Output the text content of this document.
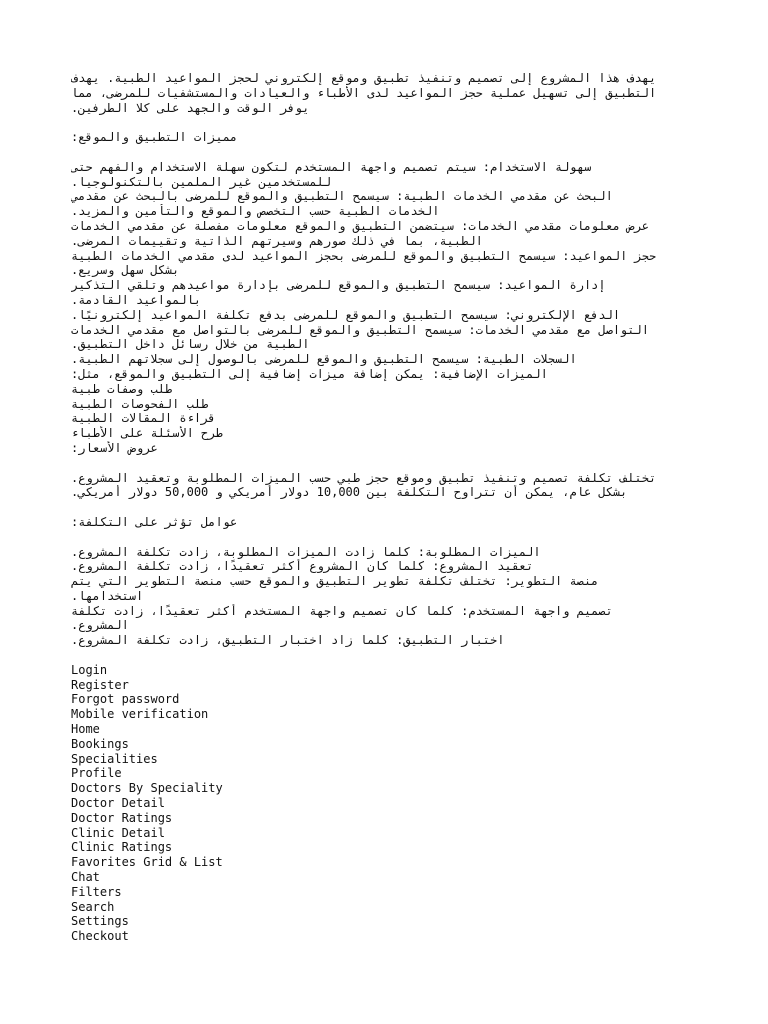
يهدف هذا المشروع إلى تصميم وتنفيذ تطبيق وموقع إلكتروني لحجز المواعيد الطبية. يهدف
التطبيق إلى تسهيل عملية حجز المواعيد لدى الأطباء والعيادات والمستشفيات للمرضى، مما
يوفر الوقت والجهد على كلا الطرفين.
مميزات التطبيق والموقع:
سهولة الاستخدام: سيتم تصميم واجهة المستخدم لتكون سهلة الاستخدام والفهم حتى
للمستخدمين غير الملمين بالتكنولوجيا.
البحث عن مقدمي الخدمات الطبية: سيسمح التطبيق والموقع للمرضى بالبحث عن مقدمي
الخدمات الطبية حسب التخصص والموقع والتأمين والمزيد.
عرض معلومات مقدمي الخدمات: سيتضمن التطبيق والموقع معلومات مفصلة عن مقدمي الخدمات
الطبية، بما في ذلك صورهم وسيرتهم الذاتية وتقييمات المرضى.
حجز المواعيد: سيسمح التطبيق والموقع للمرضى بحجز المواعيد لدى مقدمي الخدمات الطبية
بشكل سهل وسريع.
إدارة المواعيد: سيسمح التطبيق والموقع للمرضى بإدارة مواعيدهم وتلقي التذكير
بالمواعيد القادمة.
الدفع الإلكتروني: سيسمح التطبيق والموقع للمرضى بدفع تكلفة المواعيد إلكترونيًا.
التواصل مع مقدمي الخدمات: سيسمح التطبيق والموقع للمرضى بالتواصل مع مقدمي الخدمات
الطبية من خلال رسائل داخل التطبيق.
السجلات الطبية: سيسمح التطبيق والموقع للمرضى بالوصول إلى سجلاتهم الطبية.
الميزات الإضافية: يمكن إضافة ميزات إضافية إلى التطبيق والموقع، مثل:
طلب وصفات طبية
طلب الفحوصات الطبية
قراءة المقالات الطبية
طرح الأسئلة على الأطباء
عروض الأسعار:
تختلف تكلفة تصميم وتنفيذ تطبيق وموقع حجز طبي حسب الميزات المطلوبة وتعقيد المشروع.
بشكل عام، يمكن أن تتراوح التكلفة بين 10,000 دولار أمريكي و 50,000 دولار أمريكي.
عوامل تؤثر على التكلفة:
الميزات المطلوبة: كلما زادت الميزات المطلوبة، زادت تكلفة المشروع.
تعقيد المشروع: كلما كان المشروع أكثر تعقيدًا، زادت تكلفة المشروع.
منصة التطوير: تختلف تكلفة تطوير التطبيق والموقع حسب منصة التطوير التي يتم
استخدامها.
تصميم واجهة المستخدم: كلما كان تصميم واجهة المستخدم أكثر تعقيدًا، زادت تكلفة
المشروع.
اختبار التطبيق: كلما زاد اختبار التطبيق، زادت تكلفة المشروع.
Login
Register
Forgot password
Mobile verification
Home
Bookings
Specialities
Profile
Doctors By Speciality
Doctor Detail
Doctor Ratings
Clinic Detail
Clinic Ratings
Favorites Grid & List
Chat
Filters
Search
Settings
Checkout
